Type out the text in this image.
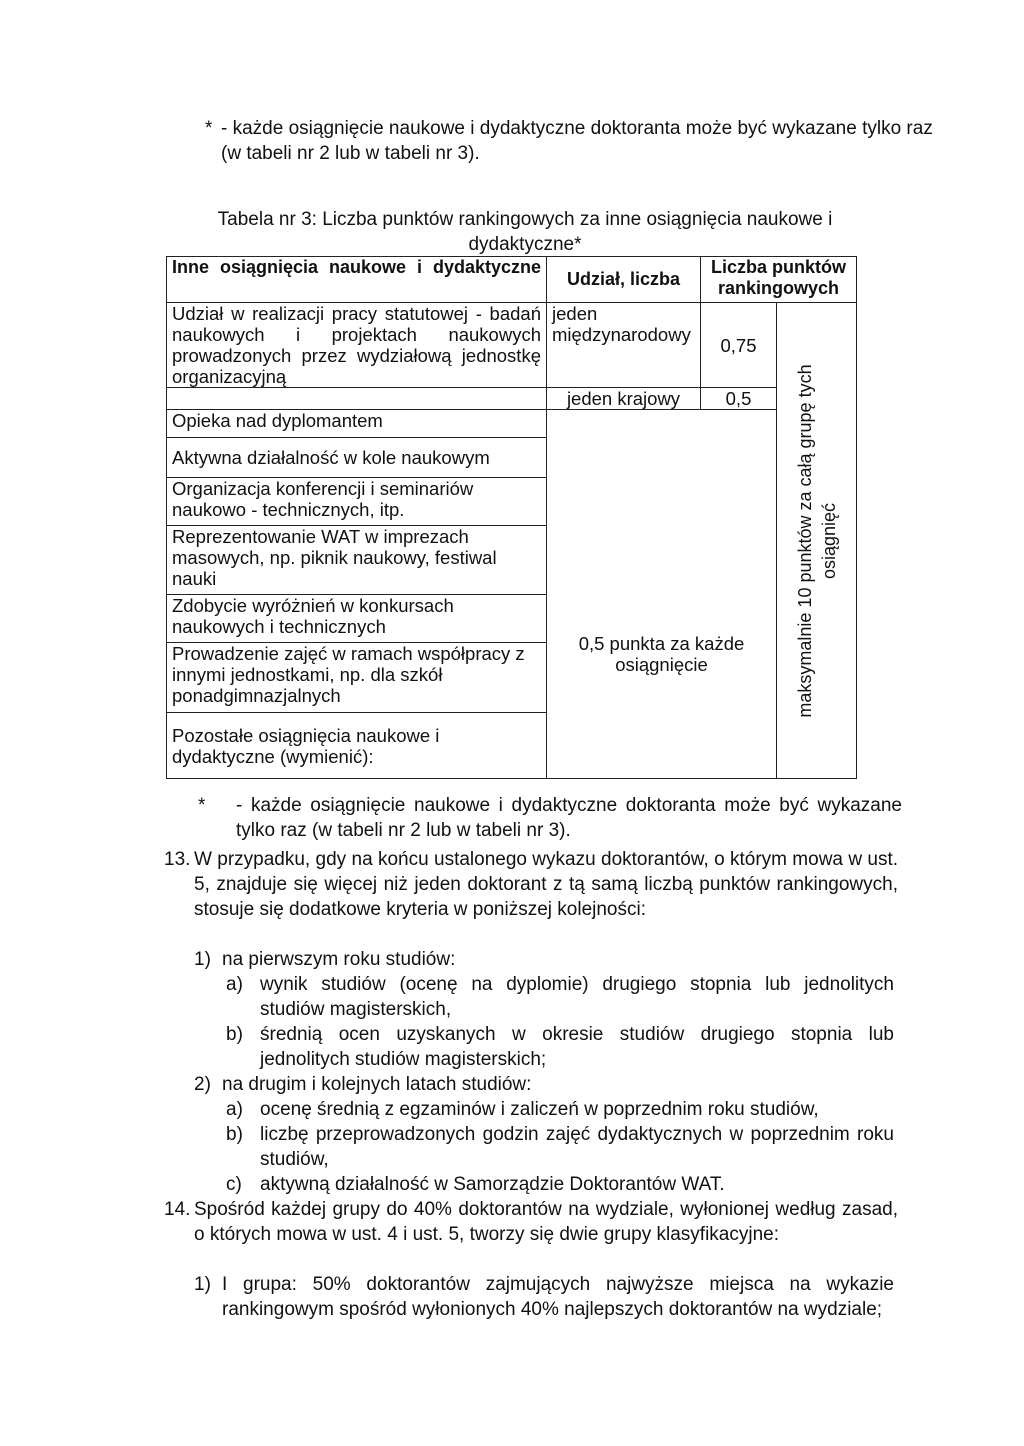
* - każde osiągnięcie naukowe i dydaktyczne doktoranta może być wykazane tylko raz (w tabeli nr 2 lub w tabeli nr 3).
Tabela nr 3: Liczba punktów rankingowych za inne osiągnięcia naukowe i dydaktyczne*
Inne osiągnięcia naukowe i dydaktyczne	Udział, liczba	Liczba punktów rankingowych	
Udział w realizacji pracy statutowej - badań naukowych i projektach naukowych prowadzonych przez wydziałową jednostkę organizacyjną	jeden międzynarodowy	0,75	maksymalnie 10 punktów za całą grupę tych osiągnięć

	jeden krajowy	0,5	
Opieka nad dyplomantem	0,5 punkta za każde osiągnięcie		

Aktywna działalność w kole naukowym			
Organizacja konferencji i seminariów naukowo - technicznych, itp.			
Reprezentowanie WAT w imprezach masowych, np. piknik naukowy, festiwal nauki			
Zdobycie wyróżnień w konkursach naukowych i technicznych			
Prowadzenie zajęć w ramach współpracy z innymi jednostkami, np. dla szkół ponadgimnazjalnych			
Pozostałe osiągnięcia naukowe i dydaktyczne (wymienić):			
* - każde osiągnięcie naukowe i dydaktyczne doktoranta może być wykazane tylko raz (w tabeli nr 2 lub w tabeli nr 3).
13. W przypadku, gdy na końcu ustalonego wykazu doktorantów, o którym mowa w ust. 5, znajduje się więcej niż jeden doktorant z tą samą liczbą punktów rankingowych, stosuje się dodatkowe kryteria w poniższej kolejności:
1) na pierwszym roku studiów:
a) wynik studiów (ocenę na dyplomie) drugiego stopnia lub jednolitych studiów magisterskich,
b) średnią ocen uzyskanych w okresie studiów drugiego stopnia lub jednolitych studiów magisterskich;
2) na drugim i kolejnych latach studiów:
a) ocenę średnią z egzaminów i zaliczeń w poprzednim roku studiów,
b) liczbę przeprowadzonych godzin zajęć dydaktycznych w poprzednim roku studiów,
c) aktywną działalność w Samorządzie Doktorantów WAT.
14. Spośród każdej grupy do 40% doktorantów na wydziale, wyłonionej według zasad, o których mowa w ust. 4 i ust. 5, tworzy się dwie grupy klasyfikacyjne:
1) I grupa: 50% doktorantów zajmujących najwyższe miejsca na wykazie rankingowym spośród wyłonionych 40% najlepszych doktorantów na wydziale;
